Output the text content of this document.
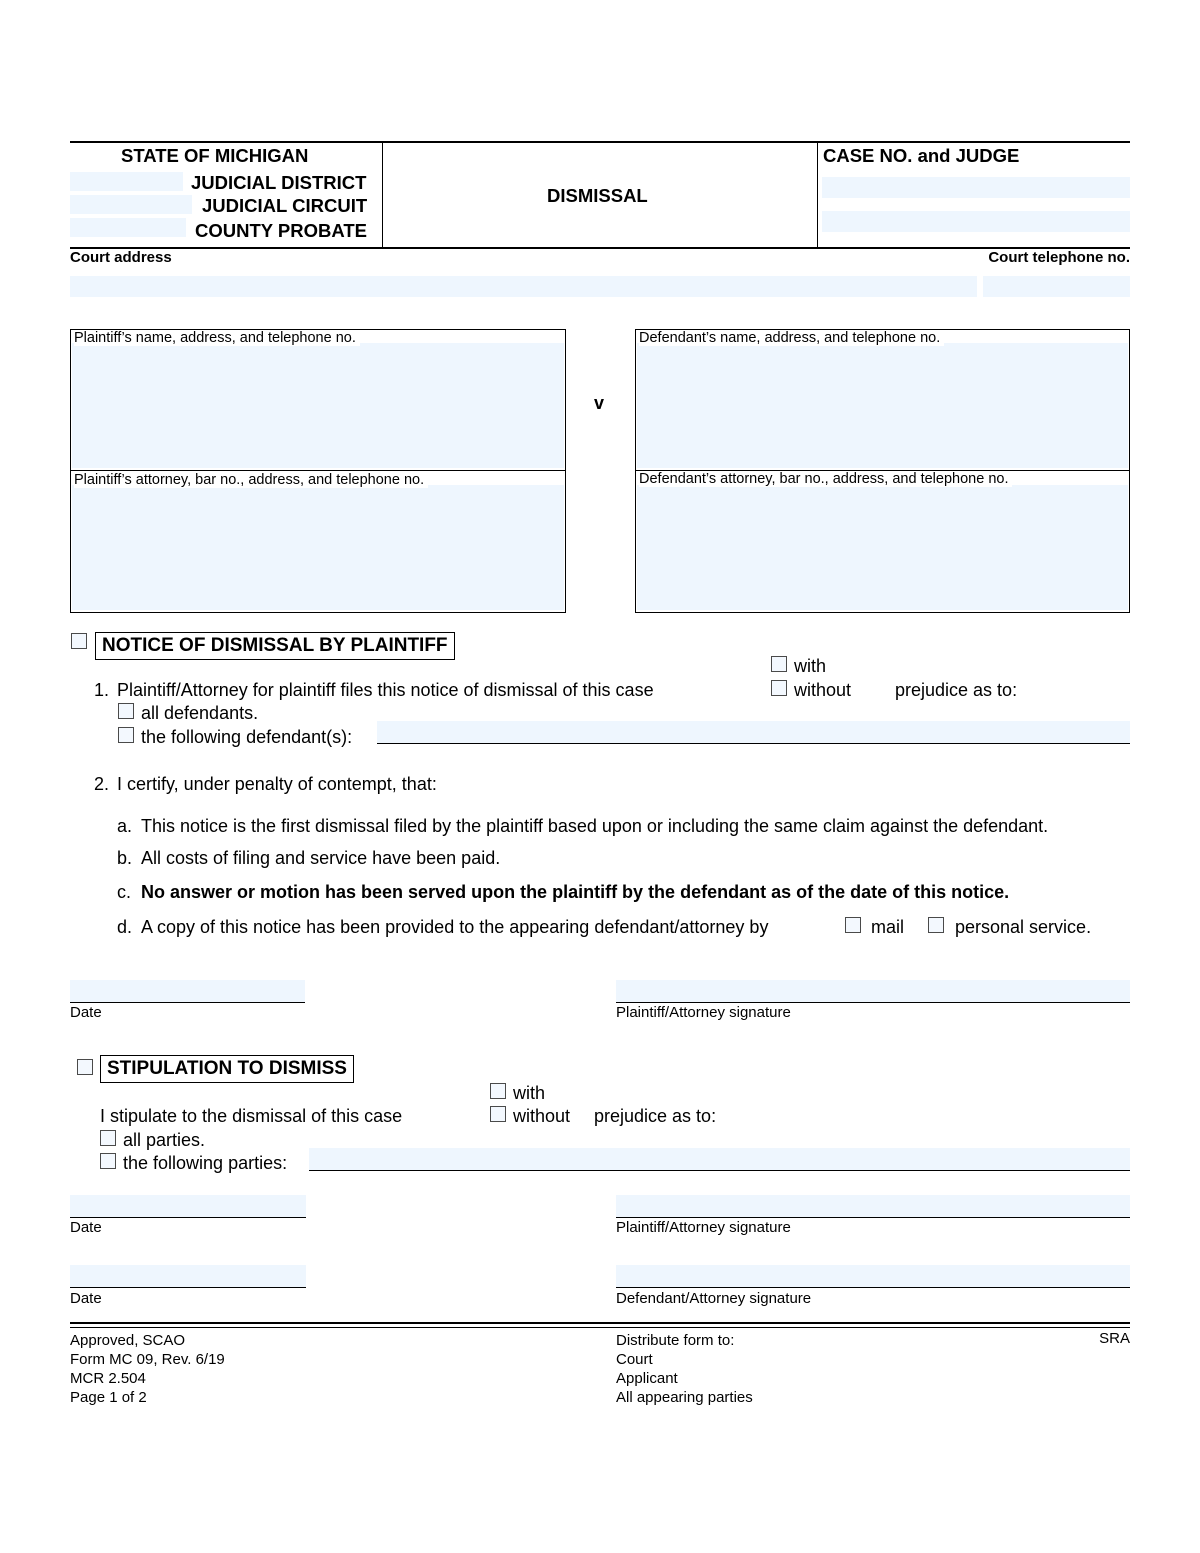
STATE OF MICHIGAN
JUDICIAL DISTRICT
JUDICIAL CIRCUIT
COUNTY PROBATE
DISMISSAL
CASE NO. and JUDGE
Court address	Court telephone no.
Plaintiff’s name, address, and telephone no.
Plaintiff’s attorney, bar no., address, and telephone no.
v
Defendant’s name, address, and telephone no.
Defendant’s attorney, bar no., address, and telephone no.
NOTICE OF DISMISSAL BY PLAINTIFF
with
without prejudice as to:
1. Plaintiff/Attorney for plaintiff files this notice of dismissal of this case
all defendants.
the following defendant(s):
2. I certify, under penalty of contempt, that:
a. This notice is the first dismissal filed by the plaintiff based upon or including the same claim against the defendant.
b. All costs of filing and service have been paid.
c. No answer or motion has been served upon the plaintiff by the defendant as of the date of this notice.
d. A copy of this notice has been provided to the appearing defendant/attorney by	mail	personal service.
Date	Plaintiff/Attorney signature
STIPULATION TO DISMISS
with
without prejudice as to:
I stipulate to the dismissal of this case
all parties.
the following parties:
Date	Plaintiff/Attorney signature
Date	Defendant/Attorney signature
Approved, SCAO
Form MC 09, Rev. 6/19
MCR 2.504
Page 1 of 2
Distribute form to:
Court
Applicant
All appearing parties
SRA
